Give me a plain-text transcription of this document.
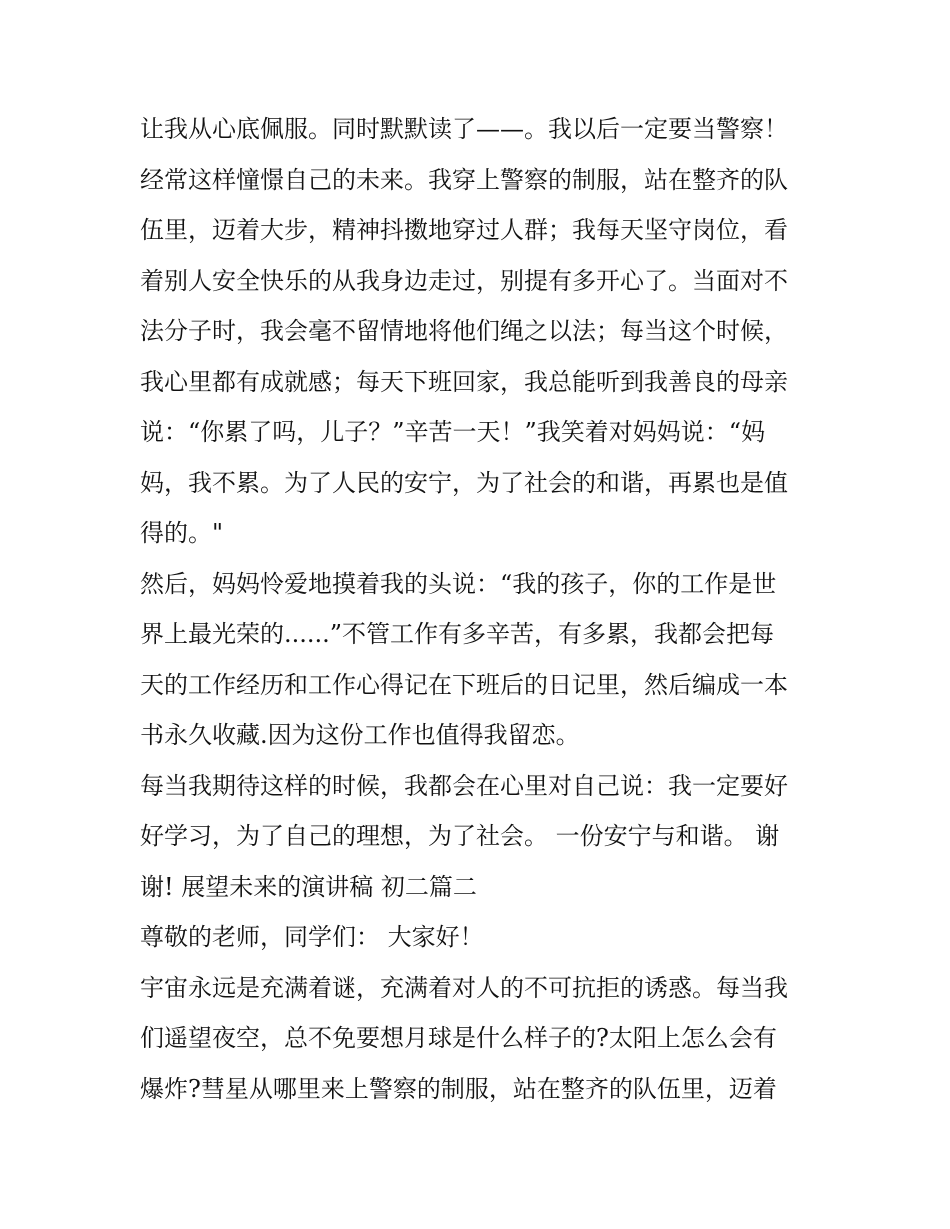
让我从心底佩服。同时默默读了——。我以后一定要当警察！
经常这样憧憬自己的未来。我穿上警察的制服，站在整齐的队
伍里，迈着大步，精神抖擞地穿过人群；我每天坚守岗位，看
着别人安全快乐的从我身边走过，别提有多开心了。当面对不
法分子时，我会毫不留情地将他们绳之以法；每当这个时候，
我心里都有成就感；每天下班回家，我总能听到我善良的母亲
说：“你累了吗，儿子？”辛苦一天！”我笑着对妈妈说：“妈
妈，我不累。为了人民的安宁，为了社会的和谐，再累也是值
得的。"
然后，妈妈怜爱地摸着我的头说：“我的孩子，你的工作是世
界上最光荣的......”不管工作有多辛苦，有多累，我都会把每
天的工作经历和工作心得记在下班后的日记里，然后编成一本
书永久收藏.因为这份工作也值得我留恋。
每当我期待这样的时候，我都会在心里对自己说：我一定要好
好学习，为了自己的理想，为了社会。 一份安宁与和谐。 谢
谢! 展望未来的演讲稿 初二篇二
尊敬的老师，同学们： 大家好！
宇宙永远是充满着谜，充满着对人的不可抗拒的诱惑。每当我
们遥望夜空，总不免要想月球是什么样子的?太阳上怎么会有
爆炸?彗星从哪里来上警察的制服，站在整齐的队伍里，迈着
